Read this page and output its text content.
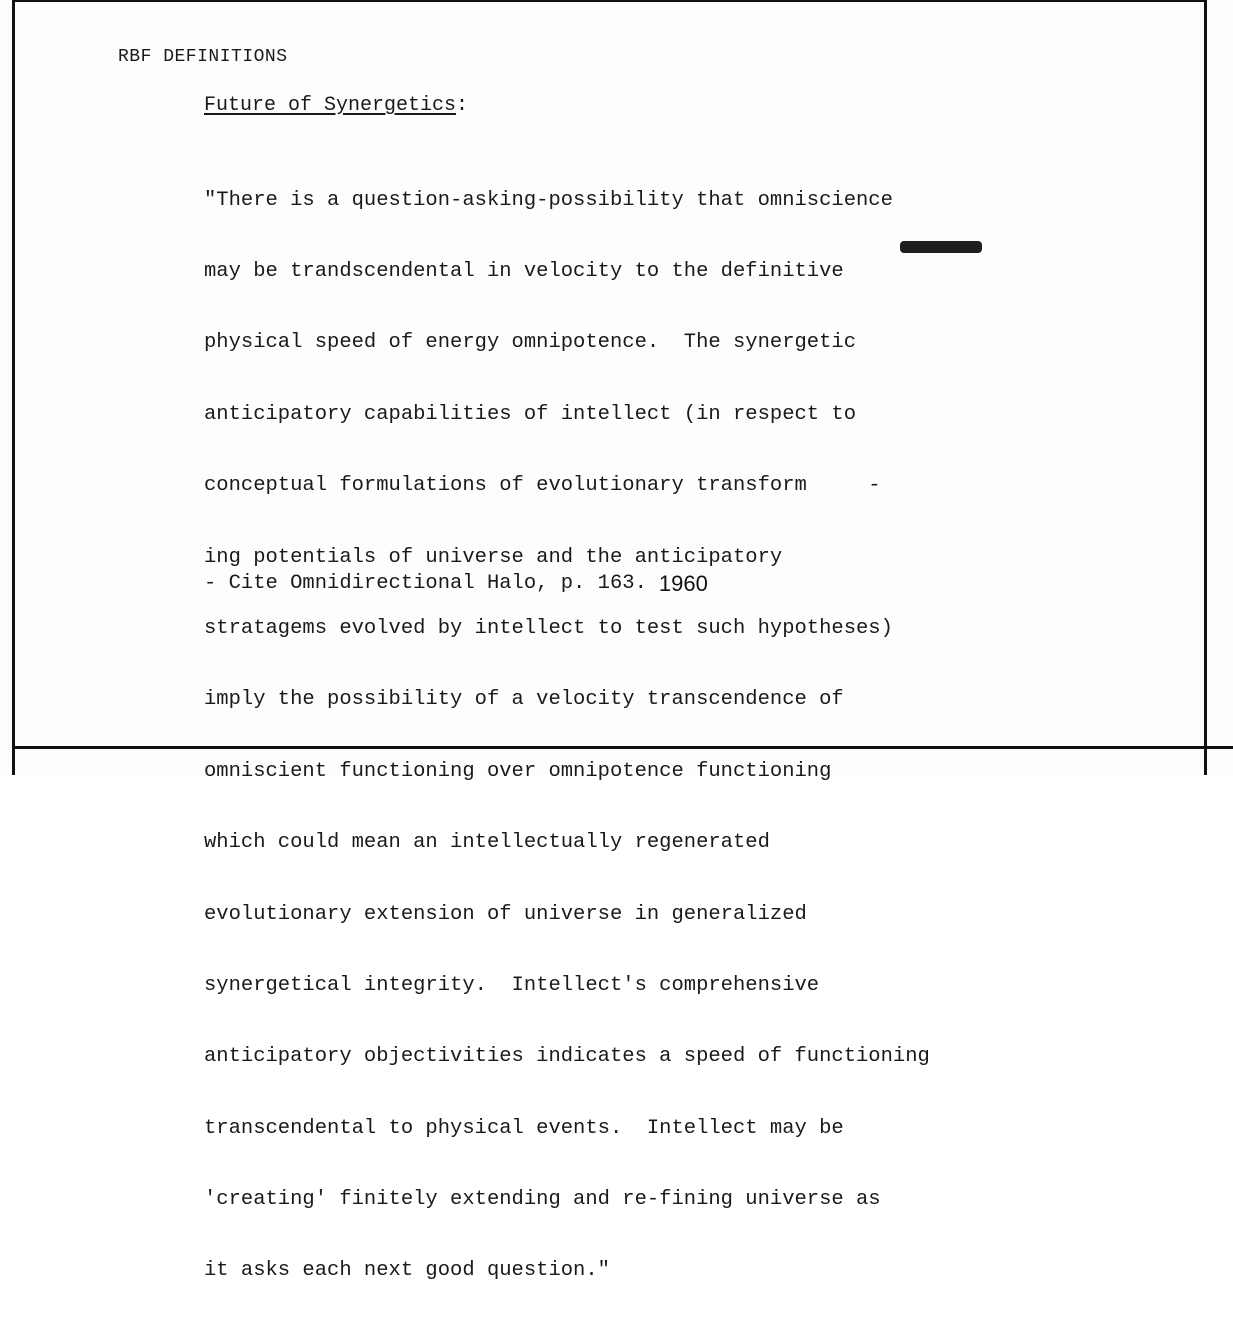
RBF DEFINITIONS
Future of Synergetics:

"There is a question-asking-possibility that omniscience

may be trandscendental in velocity to the definitive

physical speed of energy omnipotence.  The synergetic

anticipatory capabilities of intellect (in respect to

conceptual formulations of evolutionary transform     -

ing potentials of universe and the anticipatory

stratagems evolved by intellect to test such hypotheses)

imply the possibility of a velocity transcendence of

omniscient functioning over omnipotence functioning

which could mean an intellectually regenerated

evolutionary extension of universe in generalized

synergetical integrity.  Intellect's comprehensive

anticipatory objectivities indicates a speed of functioning

transcendental to physical events.  Intellect may be

'creating' finitely extending and re-fining universe as

it asks each next good question."

- Cite Omnidirectional Halo, p. 163. 1960
